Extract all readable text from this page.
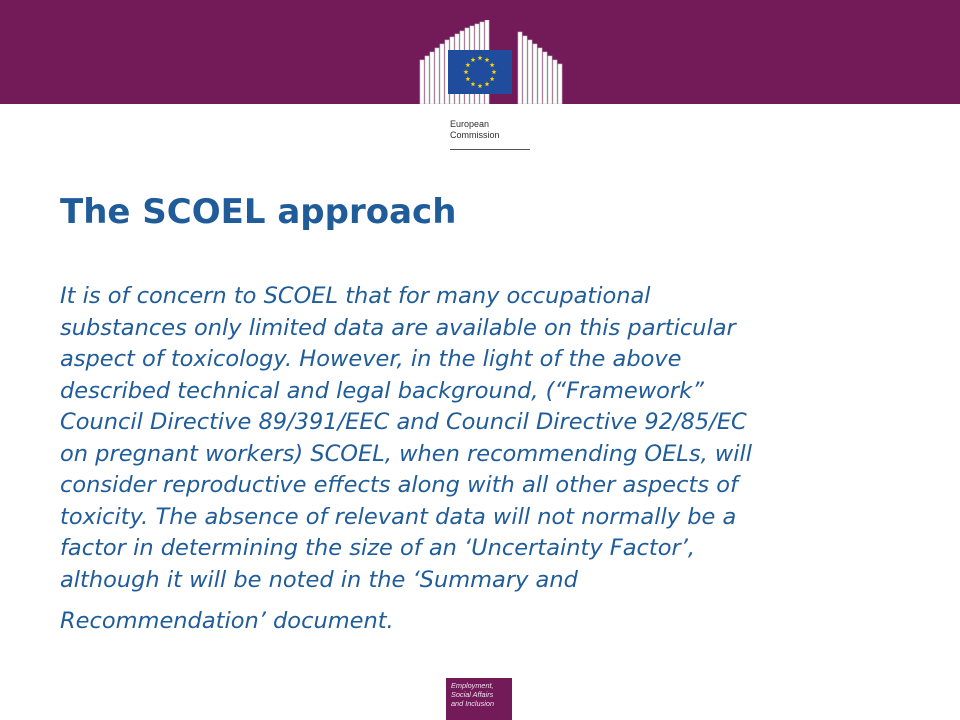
European
Commission
The SCOEL approach
It is of concern to SCOEL that for many occupational
substances only limited data are available on this particular
aspect of toxicology. However, in the light of the above
described technical and legal background, (“Framework”
Council Directive 89/391/EEC and Council Directive 92/85/EC
on pregnant workers) SCOEL, when recommending OELs, will
consider reproductive effects along with all other aspects of
toxicity. The absence of relevant data will not normally be a
factor in determining the size of an ‘Uncertainty Factor’,
although it will be noted in the ‘Summary and
Recommendation’ document.
Employment,
Social Affairs
and Inclusion
